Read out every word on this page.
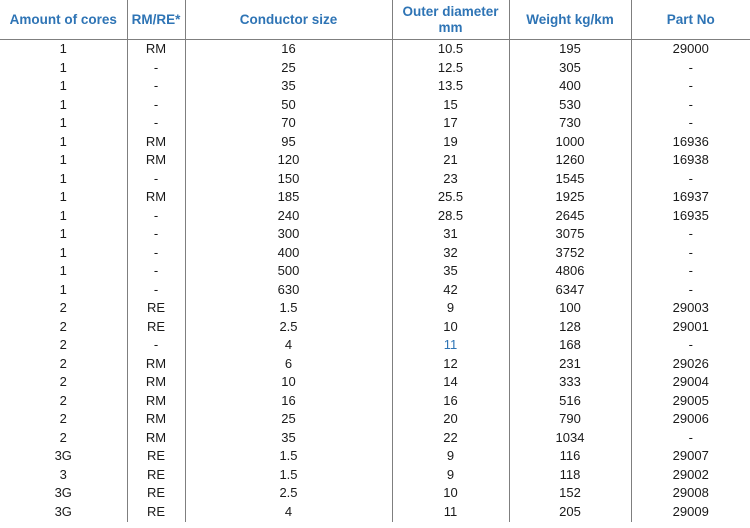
Amount of cores	RM/RE*	Conductor size	Outer diameter mm	Weight kg/km	Part No
1	RM	16	10.5	195	29000
1	-	25	12.5	305	-
1	-	35	13.5	400	-
1	-	50	15	530	-
1	-	70	17	730	-
1	RM	95	19	1000	16936
1	RM	120	21	1260	16938
1	-	150	23	1545	-
1	RM	185	25.5	1925	16937
1	-	240	28.5	2645	16935
1	-	300	31	3075	-
1	-	400	32	3752	-
1	-	500	35	4806	-
1	-	630	42	6347	-
2	RE	1.5	9	100	29003
2	RE	2.5	10	128	29001
2	-	4	11	168	-
2	RM	6	12	231	29026
2	RM	10	14	333	29004
2	RM	16	16	516	29005
2	RM	25	20	790	29006
2	RM	35	22	1034	-
3G	RE	1.5	9	116	29007
3	RE	1.5	9	118	29002
3G	RE	2.5	10	152	29008
3G	RE	4	11	205	29009
